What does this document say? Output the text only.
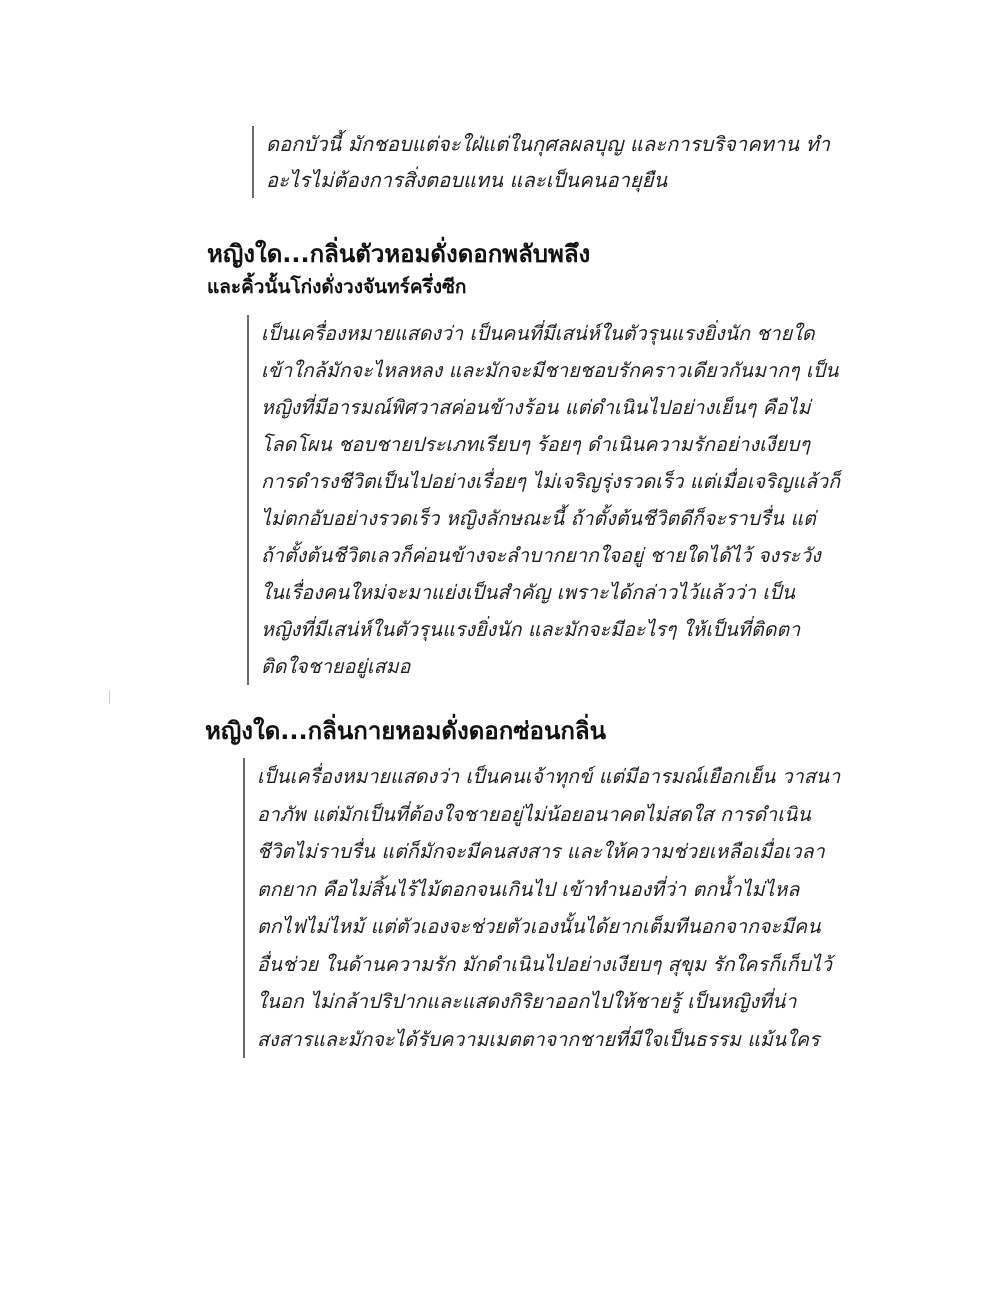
ดอกบัวนี้ มักชอบแต่จะใฝ่แต่ในกุศลผลบุญ และการบริจาคทาน ทำ
อะไรไม่ต้องการสิ่งตอบแทน และเป็นคนอายุยืน
หญิงใด...กลิ่นตัวหอมดั่งดอกพลับพลึง
และคิ้วนั้นโก่งดั่งวงจันทร์ครึ่งซีก
เป็นเครื่องหมายแสดงว่า เป็นคนที่มีเสน่ห์ในตัวรุนแรงยิ่งนัก ชายใด
เข้าใกล้มักจะไหลหลง และมักจะมีชายชอบรักคราวเดียวกันมากๆ เป็น
หญิงที่มีอารมณ์พิศวาสค่อนข้างร้อน แต่ดำเนินไปอย่างเย็นๆ คือไม่
โลดโผน ชอบชายประเภทเรียบๆ ร้อยๆ ดำเนินความรักอย่างเงียบๆ
การดำรงชีวิตเป็นไปอย่างเรื่อยๆ ไม่เจริญรุ่งรวดเร็ว แต่เมื่อเจริญแล้วก็
ไม่ตกอับอย่างรวดเร็ว หญิงลักษณะนี้ ถ้าตั้งต้นชีวิตดีก็จะราบรื่น แต่
ถ้าตั้งต้นชีวิตเลวก็ค่อนข้างจะลำบากยากใจอยู่ ชายใดได้ไว้ จงระวัง
ในเรื่องคนใหม่จะมาแย่งเป็นสำคัญ เพราะได้กล่าวไว้แล้วว่า เป็น
หญิงที่มีเสน่ห์ในตัวรุนแรงยิ่งนัก และมักจะมีอะไรๆ ให้เป็นที่ติดตา
ติดใจชายอยู่เสมอ
หญิงใด...กลิ่นกายหอมดั่งดอกซ่อนกลิ่น
เป็นเครื่องหมายแสดงว่า เป็นคนเจ้าทุกข์ แต่มีอารมณ์เยือกเย็น วาสนา
อาภัพ แต่มักเป็นที่ต้องใจชายอยู่ไม่น้อยอนาคตไม่สดใส การดำเนิน
ชีวิตไม่ราบรื่น แต่ก็มักจะมีคนสงสาร และให้ความช่วยเหลือเมื่อเวลา
ตกยาก คือไม่สิ้นไร้ไม้ตอกจนเกินไป เข้าทำนองที่ว่า ตกน้ำไม่ไหล
ตกไฟไม่ไหม้ แต่ตัวเองจะช่วยตัวเองนั้นได้ยากเต็มทีนอกจากจะมีคน
อื่นช่วย ในด้านความรัก มักดำเนินไปอย่างเงียบๆ สุขุม รักใครก็เก็บไว้
ในอก ไม่กล้าปริปากและแสดงกิริยาออกไปให้ชายรู้ เป็นหญิงที่น่า
สงสารและมักจะได้รับความเมตตาจากชายที่มีใจเป็นธรรม แม้นใคร
